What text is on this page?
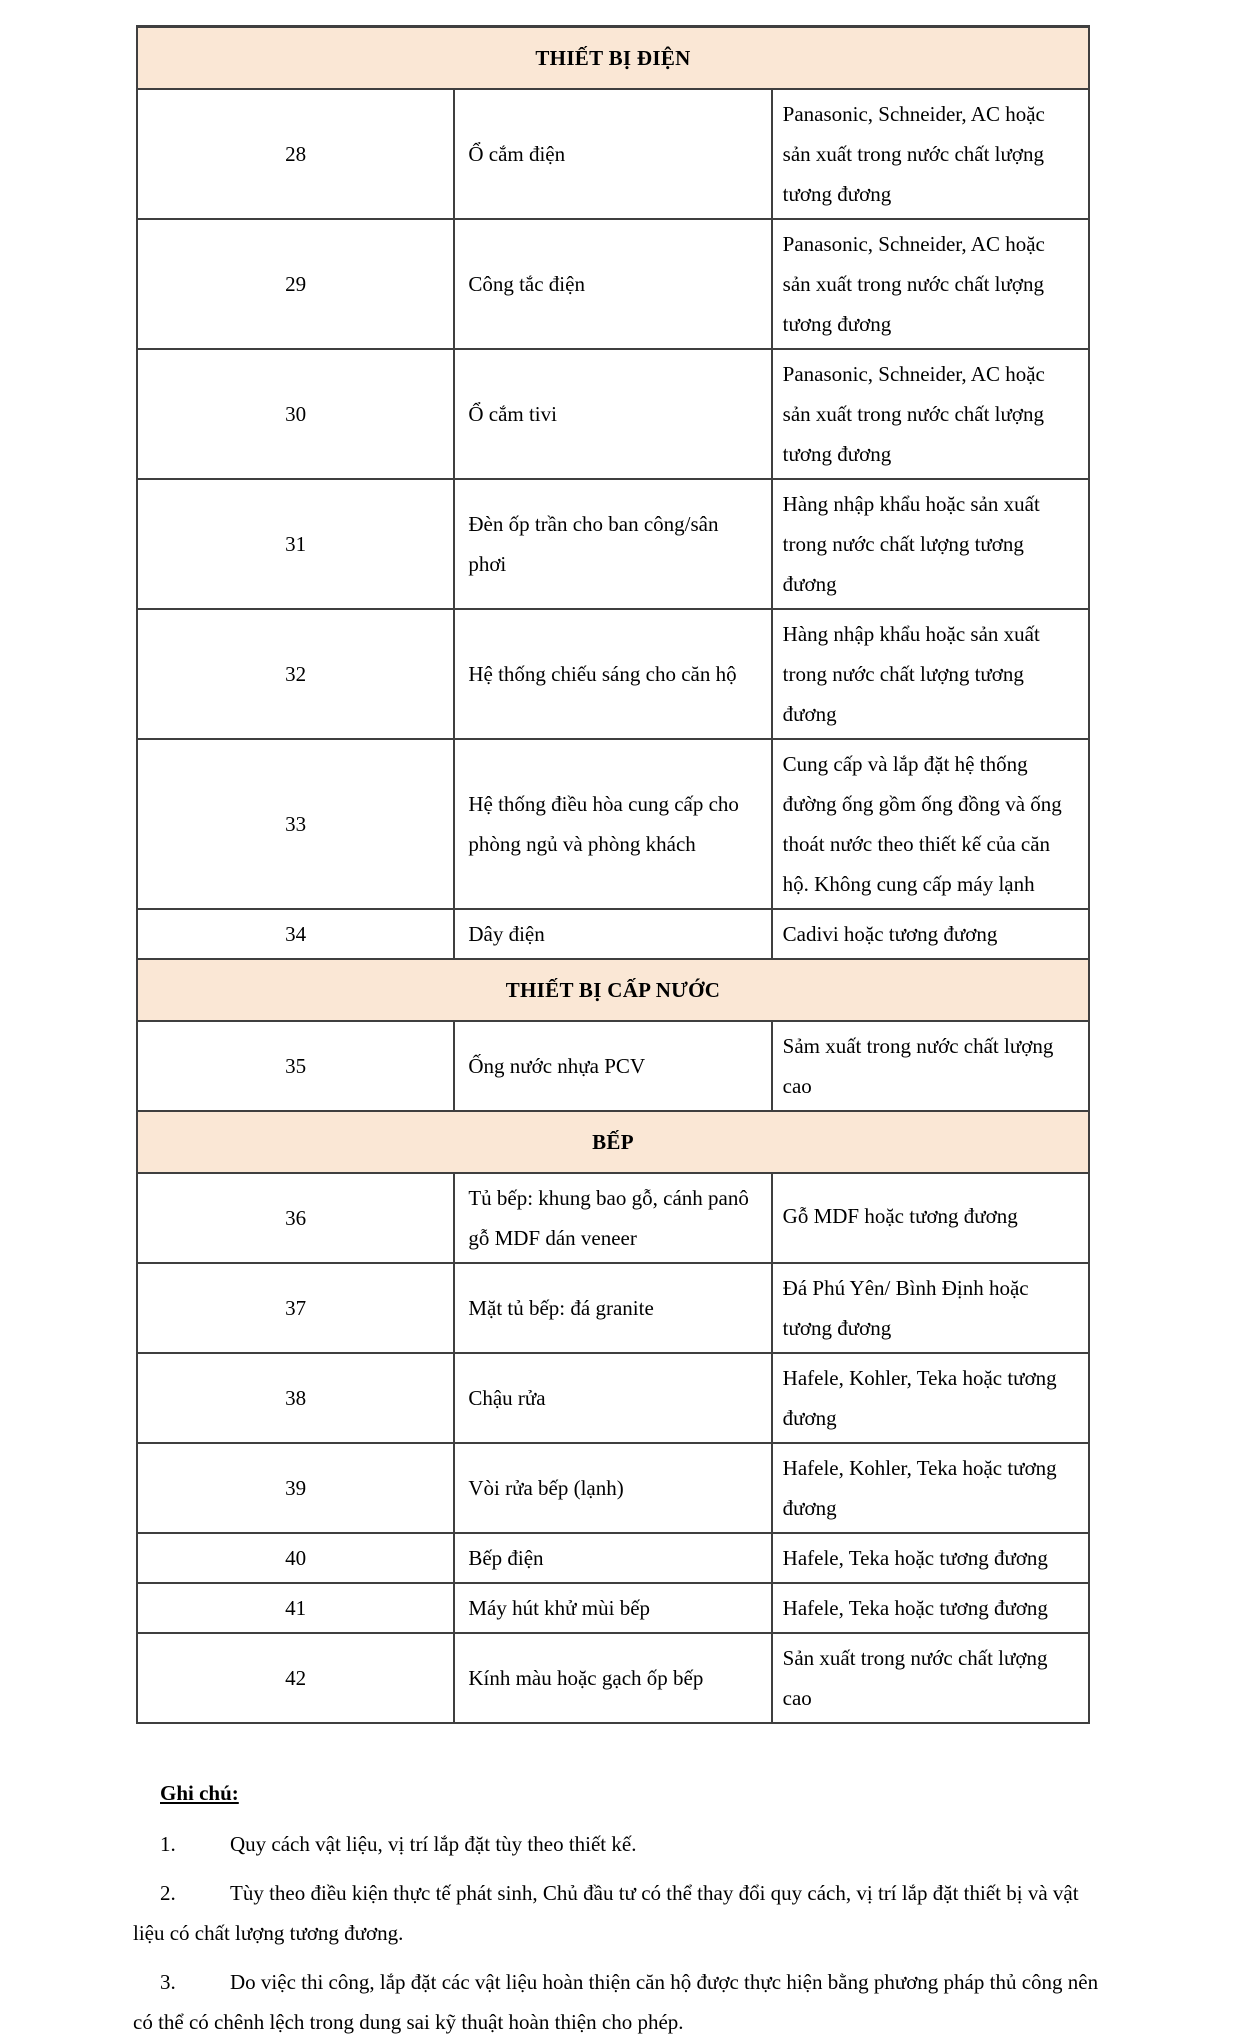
THIẾT BỊ ĐIỆN		
28	Ổ cắm điện	Panasonic, Schneider, AC hoặc sản xuất trong nước chất lượng tương đương
29	Công tắc điện	Panasonic, Schneider, AC hoặc sản xuất trong nước chất lượng tương đương
30	Ổ cắm tivi	Panasonic, Schneider, AC hoặc sản xuất trong nước chất lượng tương đương
31	Đèn ốp trần cho ban công/sân phơi	Hàng nhập khẩu hoặc sản xuất trong nước chất lượng tương đương
32	Hệ thống chiếu sáng cho căn hộ	Hàng nhập khẩu hoặc sản xuất trong nước chất lượng tương đương
33	Hệ thống điều hòa cung cấp cho phòng ngủ và phòng khách	Cung cấp và lắp đặt hệ thống đường ống gồm ống đồng và ống thoát nước theo thiết kế của căn hộ. Không cung cấp máy lạnh
34	Dây điện	Cadivi hoặc tương đương
THIẾT BỊ CẤP NƯỚC		
35	Ống nước nhựa PCV	Sảm xuất trong nước chất lượng cao
BẾP		
36	Tủ bếp: khung bao gỗ, cánh panô gỗ MDF dán veneer	Gỗ MDF hoặc tương đương
37	Mặt tủ bếp: đá granite	Đá Phú Yên/ Bình Định hoặc tương đương
38	Chậu rửa	Hafele, Kohler, Teka hoặc tương đương
39	Vòi rửa bếp (lạnh)	Hafele, Kohler, Teka hoặc tương đương
40	Bếp điện	Hafele, Teka hoặc tương đương
41	Máy hút khử mùi bếp	Hafele, Teka hoặc tương đương
42	Kính màu hoặc gạch ốp bếp	Sản xuất trong nước chất lượng cao
Ghi chú:

1.	Quy cách vật liệu, vị trí lắp đặt tùy theo thiết kế.

2.	Tùy theo điều kiện thực tế phát sinh, Chủ đầu tư có thể thay đổi quy cách, vị trí lắp đặt thiết bị và vật liệu có chất lượng tương đương.

3.	Do việc thi công, lắp đặt các vật liệu hoàn thiện căn hộ được thực hiện bằng phương pháp thủ công nên có thể có chênh lệch trong dung sai kỹ thuật hoàn thiện cho phép.
